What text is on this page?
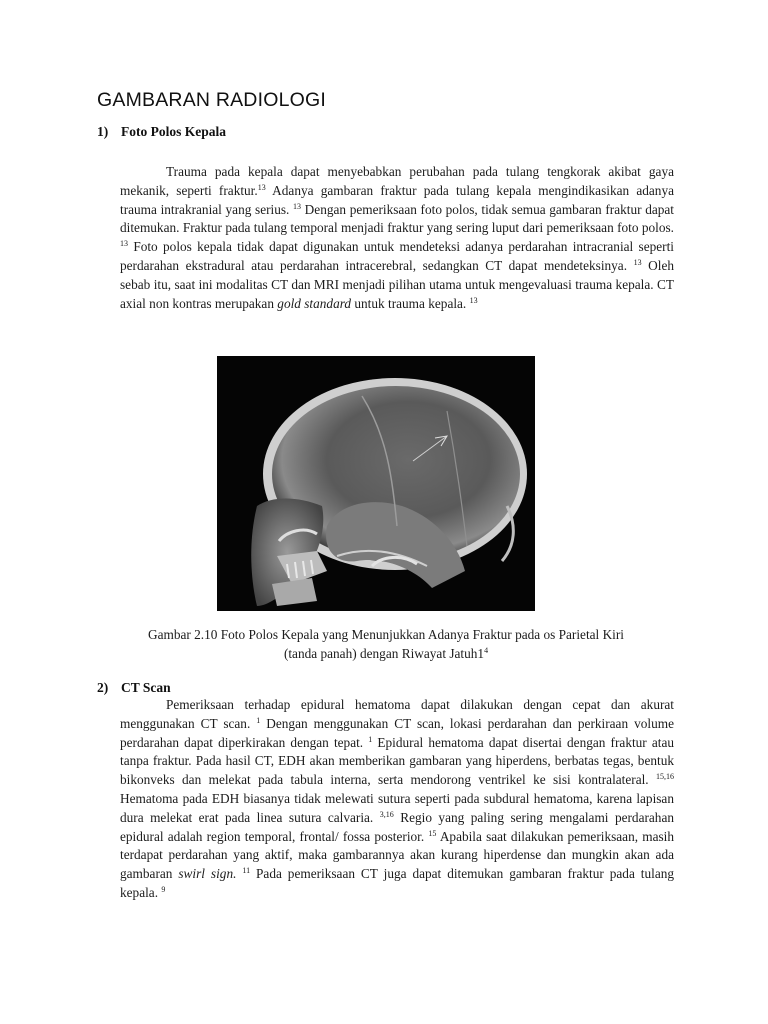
GAMBARAN RADIOLOGI
1) Foto Polos Kepala

Trauma pada kepala dapat menyebabkan perubahan pada tulang tengkorak akibat gaya mekanik, seperti fraktur.$^{13}$ Adanya gambaran fraktur pada tulang kepala mengindikasikan adanya trauma intrakranial yang serius. $^{13}$ Dengan pemeriksaan foto polos, tidak semua gambaran fraktur dapat ditemukan. Fraktur pada tulang temporal menjadi fraktur yang sering luput dari pemeriksaan foto polos. $^{13}$ Foto polos kepala tidak dapat digunakan untuk mendeteksi adanya perdarahan intracranial seperti perdarahan ekstradural atau perdarahan intracerebral, sedangkan CT dapat mendeteksinya. $^{13}$ Oleh sebab itu, saat ini modalitas CT dan MRI menjadi pilihan utama untuk mengevaluasi trauma kepala. CT axial non kontras merupakan gold standard untuk trauma kepala. $^{13}$

Gambar 2.10 Foto Polos Kepala yang Menunjukkan Adanya Fraktur pada os Parietal Kiri
(tanda panah) dengan Riwayat $Jatuh1^4$
2) CT Scan

Pemeriksaan terhadap epidural hematoma dapat dilakukan dengan cepat dan akurat menggunakan CT scan. $^1$ Dengan menggunakan CT scan, lokasi perdarahan dan perkiraan volume perdarahan dapat diperkirakan dengan tepat. $^1$ Epidural hematoma dapat disertai dengan fraktur atau tanpa fraktur. Pada hasil CT, EDH akan memberikan gambaran yang hiperdens, berbatas tegas, bentuk bikonveks dan melekat pada tabula interna, serta mendorong ventrikel ke sisi kontralateral. $^{15,16}$ Hematoma pada EDH biasanya tidak melewati sutura seperti pada subdural hematoma, karena lapisan dura melekat erat pada linea sutura calvaria. $^{3,16}$ Regio yang paling sering mengalami perdarahan epidural adalah region temporal, frontal/ fossa posterior. $^{15}$ Apabila saat dilakukan pemeriksaan, masih terdapat perdarahan yang aktif, maka gambarannya akan kurang hiperdense dan mungkin akan ada gambaran swirl sign. $^{11}$ Pada pemeriksaan CT juga dapat ditemukan gambaran fraktur pada tulang kepala. $^9$
